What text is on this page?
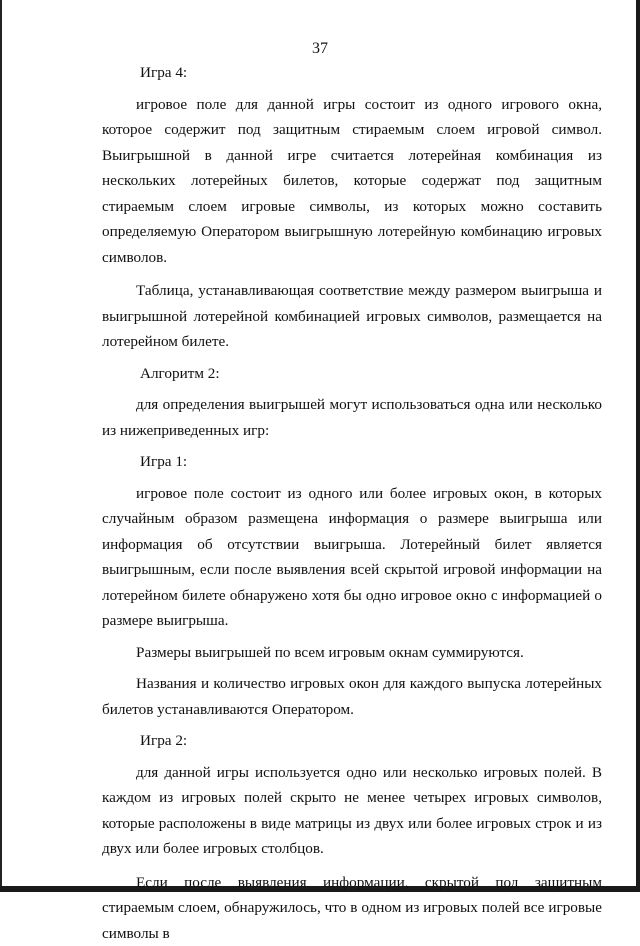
37

Игра 4:

игровое поле для данной игры состоит из одного игрового окна, которое содержит под защитным стираемым слоем игровой символ. Выигрышной в данной игре считается лотерейная комбинация из нескольких лотерейных билетов, которые содержат под защитным стираемым слоем игровые символы, из которых можно составить определяемую Оператором выигрышную лотерейную комбинацию игровых символов.

Таблица, устанавливающая соответствие между размером выигрыша и выигрышной лотерейной комбинацией игровых символов, размещается на лотерейном билете.

Алгоритм 2:

для определения выигрышей могут использоваться одна или несколько из нижеприведенных игр:

Игра 1:

игровое поле состоит из одного или более игровых окон, в которых случайным образом размещена информация о размере выигрыша или информация об отсутствии выигрыша. Лотерейный билет является выигрышным, если после выявления всей скрытой игровой информации на лотерейном билете обнаружено хотя бы одно игровое окно с информацией о размере выигрыша.

Размеры выигрышей по всем игровым окнам суммируются.

Названия и количество игровых окон для каждого выпуска лотерейных билетов устанавливаются Оператором.

Игра 2:

для данной игры используется одно или несколько игровых полей. В каждом из игровых полей скрыто не менее четырех игровых символов, которые расположены в виде матрицы из двух или более игровых строк и из двух или более игровых столбцов.

Если после выявления информации, скрытой под защитным стираемым слоем, обнаружилось, что в одном из игровых полей все игровые символы в
